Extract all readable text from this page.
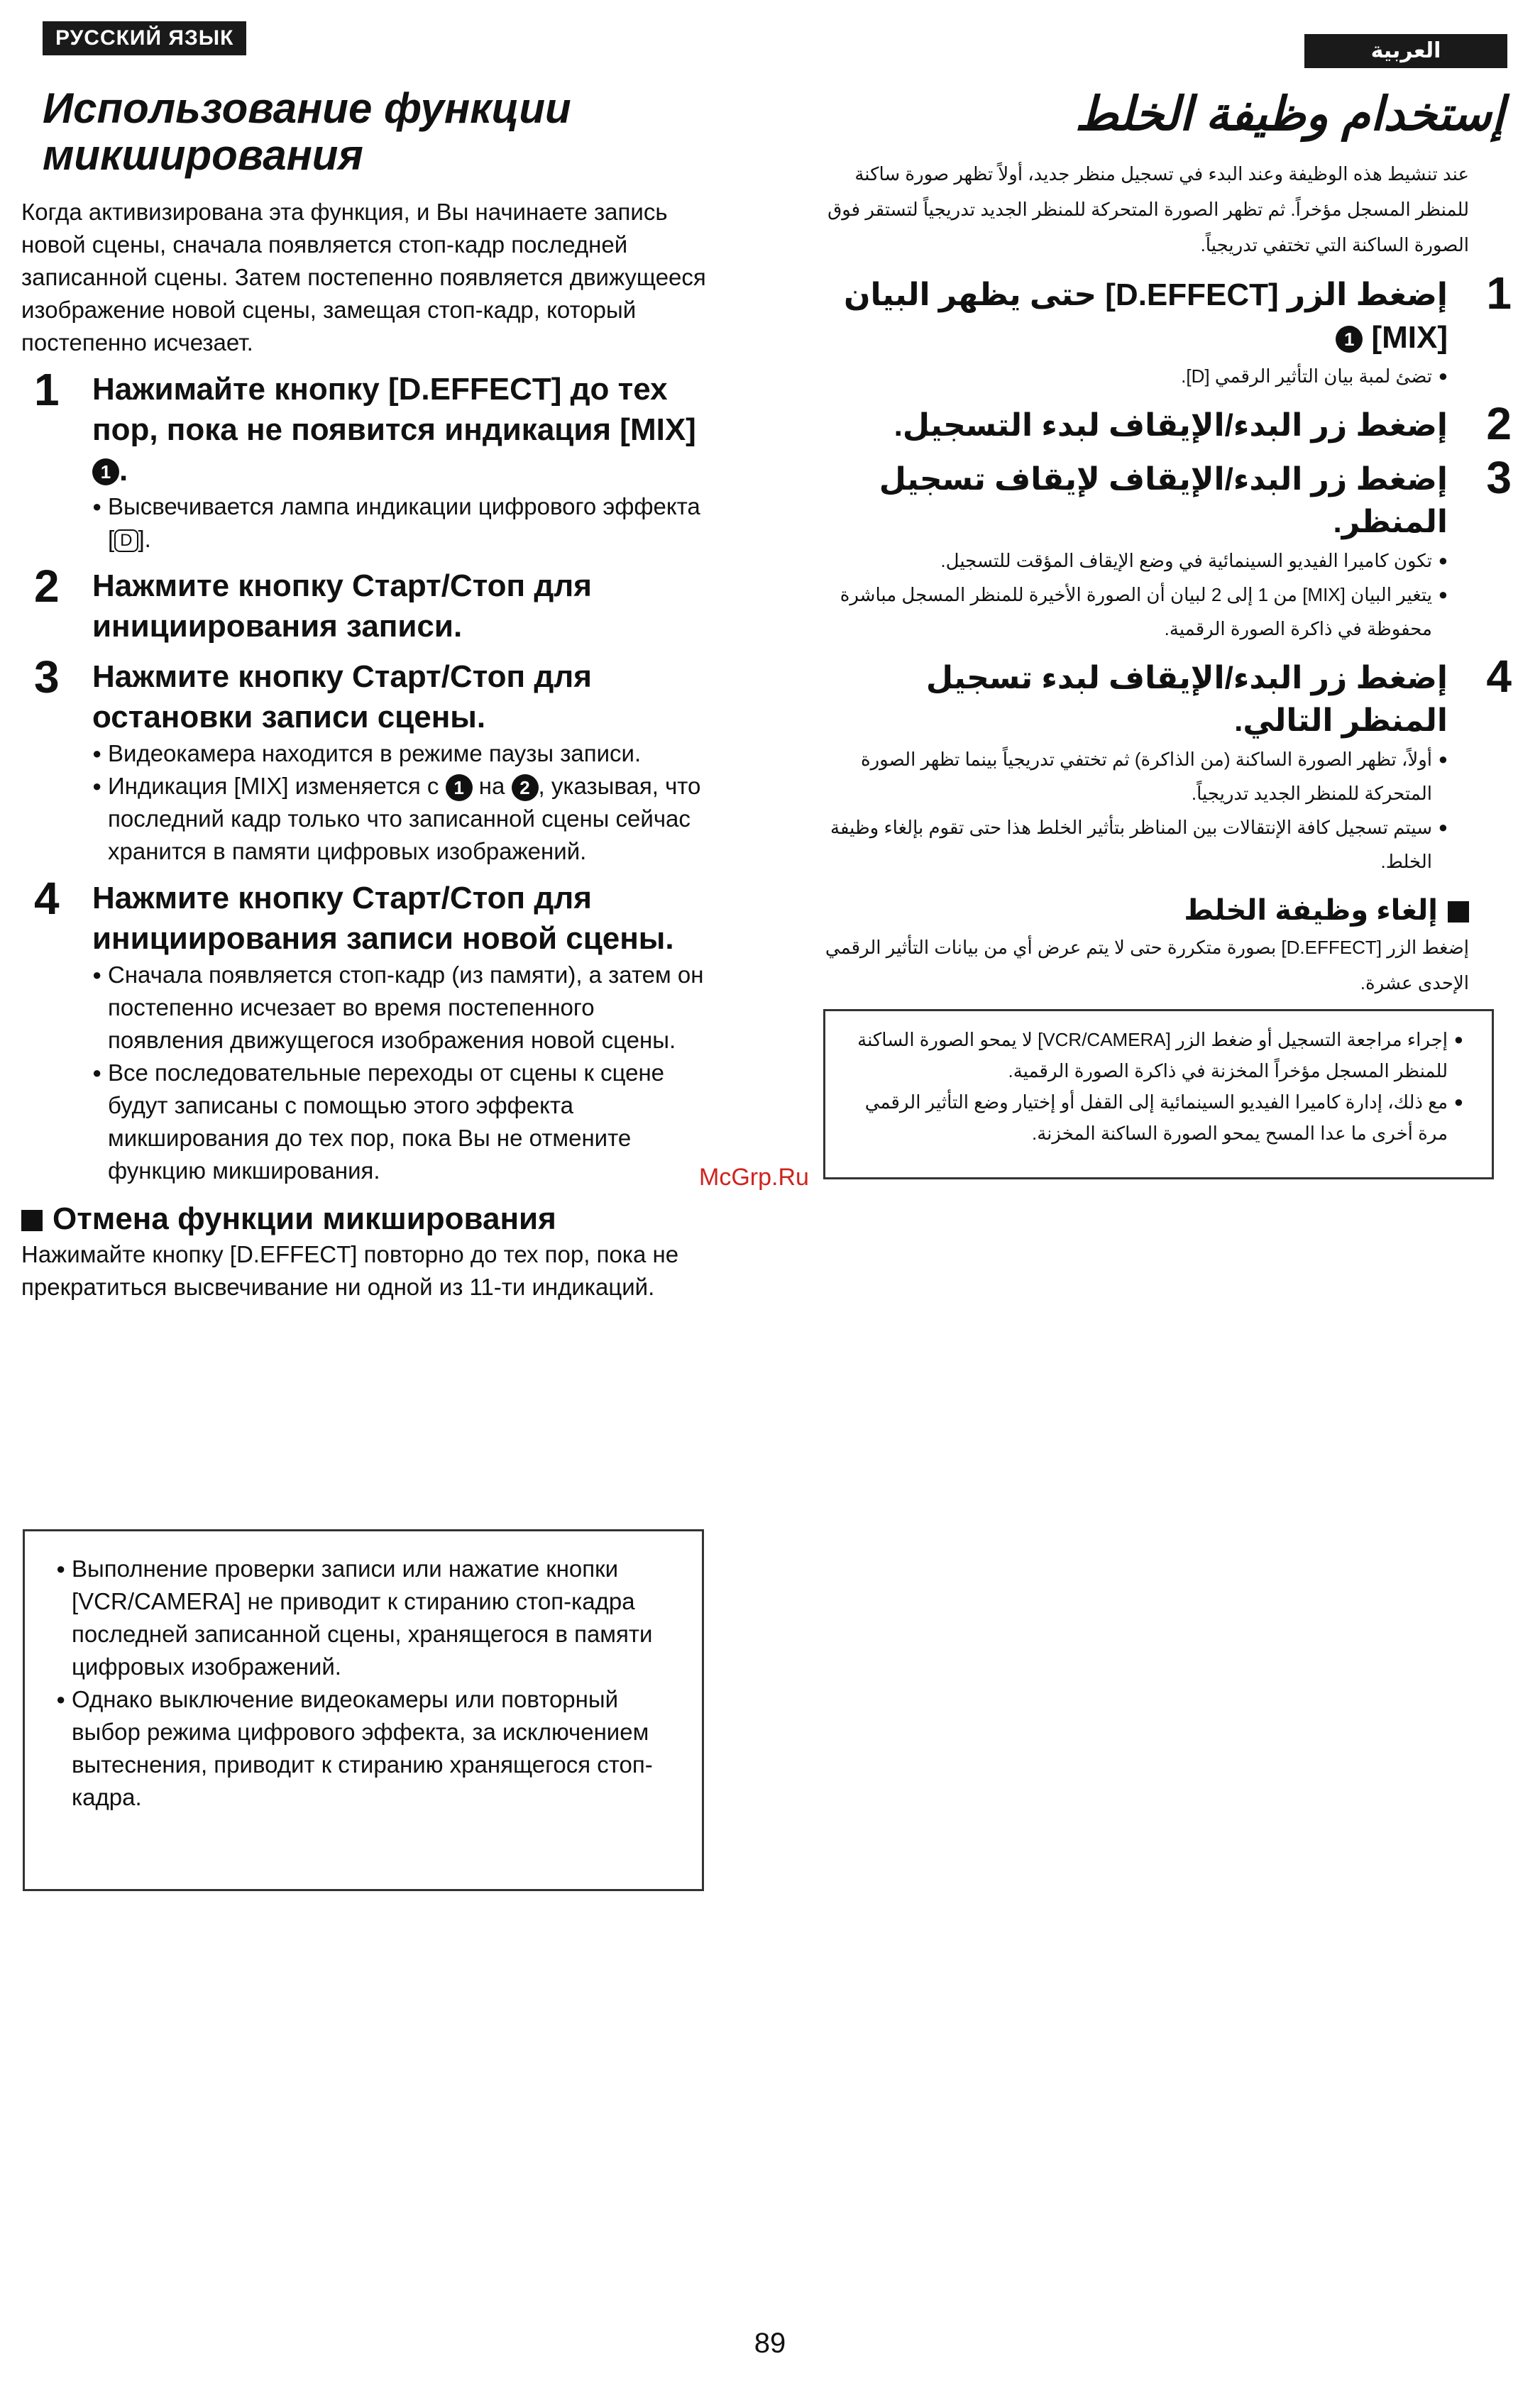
РУССКИЙ ЯЗЫК
العربية
Использование функции микширования
Когда активизирована эта функция, и Вы начинаете запись новой сцены, сначала появляется стоп-кадр последней записанной сцены. Затем постепенно появляется движущееся изображение новой сцены, замещая стоп-кадр, который постепенно исчезает.
1 Нажимайте кнопку [D.EFFECT] до тех пор, пока не появится индикация [MIX] 1 .
● Высвечивается лампа индикации цифрового эффекта [ D ].
2 Нажмите кнопку Старт/Стоп для инициирования записи.
3 Нажмите кнопку Старт/Стоп для остановки записи сцены.
● Видеокамера находится в режиме паузы записи.
● Индикация [MIX] изменяется с 1 на 2 , указывая, что последний кадр только что записанной сцены сейчас хранится в памяти цифровых изображений.
4 Нажмите кнопку Старт/Стоп для инициирования записи новой сцены.
● Сначала появляется стоп-кадр (из памяти), а затем он постепенно исчезает во время постепенного появления движущегося изображения новой сцены.
● Все последовательные переходы от сцены к сцене будут записаны с помощью этого эффекта микширования до тех пор, пока Вы не отмените функцию микширования.
Отмена функции микширования
Нажимайте кнопку [D.EFFECT] повторно до тех пор, пока не прекратиться высвечивание ни одной из 11-ти индикаций.
● Выполнение проверки записи или нажатие кнопки [VCR/CAMERA] не приводит к стиранию стоп-кадра последней записанной сцены, хранящегося в памяти цифровых изображений.
● Однако выключение видеокамеры или повторный выбор режима цифрового эффекта, за исключением вытеснения, приводит к стиранию хранящегося стоп-кадра.
إستخدام وظيفة الخلط
عند تنشيط هذه الوظيفة وعند البدء في تسجيل منظر جديد، أولاً تظهر صورة ساكنة للمنظر المسجل مؤخراً. ثم تظهر الصورة المتحركة للمنظر الجديد تدريجياً لتستقر فوق الصورة الساكنة التي تختفي تدريجياً.
1
إضغط الزر [D.EFFECT] حتى يظهر البيان [MIX] 1
● تضئ لمبة بيان التأثير الرقمي [D].
2
إضغط زر البدء/الإيقاف لبدء التسجيل.
3
إضغط زر البدء/الإيقاف لإيقاف تسجيل المنظر.
● تكون كاميرا الفيديو السينمائية في وضع الإيقاف المؤقت للتسجيل.
● يتغير البيان [MIX] من 1 إلى 2 لبيان أن الصورة الأخيرة للمنظر المسجل مباشرة محفوظة في ذاكرة الصورة الرقمية.
4
إضغط زر البدء/الإيقاف لبدء تسجيل المنظر التالي.
● أولاً، تظهر الصورة الساكنة (من الذاكرة) ثم تختفي تدريجياً بينما تظهر الصورة المتحركة للمنظر الجديد تدريجياً.
● سيتم تسجيل كافة الإنتقالات بين المناظر بتأثير الخلط هذا حتى تقوم بإلغاء وظيفة الخلط.
إلغاء وظيفة الخلط
إضغط الزر [D.EFFECT] بصورة متكررة حتى لا يتم عرض أي من بيانات التأثير الرقمي الإحدى عشرة.
● إجراء مراجعة التسجيل أو ضغط الزر [VCR/CAMERA] لا يمحو الصورة الساكنة للمنظر المسجل مؤخراً المخزنة في ذاكرة الصورة الرقمية.
● مع ذلك، إدارة كاميرا الفيديو السينمائية إلى القفل أو إختيار وضع التأثير الرقمي مرة أخرى ما عدا المسح يمحو الصورة الساكنة المخزنة.
McGrp.Ru
89
